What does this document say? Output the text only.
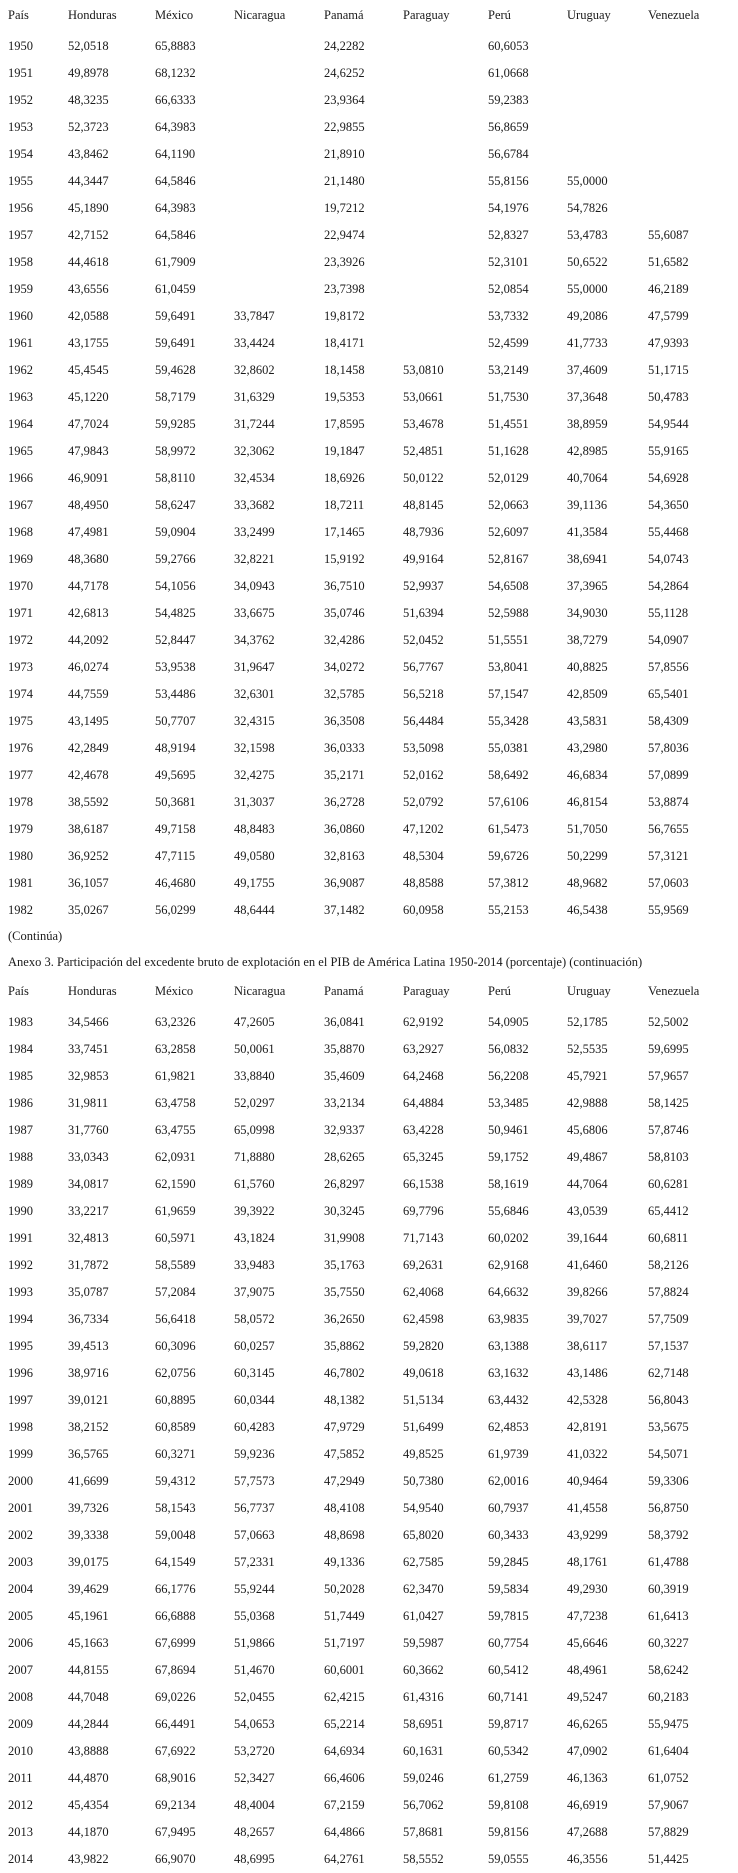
País	Honduras	México	Nicaragua	Panamá	Paraguay	Perú	Uruguay	Venezuela
1950	52,0518	65,8883		24,2282		60,6053		
1951	49,8978	68,1232		24,6252		61,0668		
1952	48,3235	66,6333		23,9364		59,2383		
1953	52,3723	64,3983		22,9855		56,8659		
1954	43,8462	64,1190		21,8910		56,6784		
1955	44,3447	64,5846		21,1480		55,8156	55,0000	
1956	45,1890	64,3983		19,7212		54,1976	54,7826	
1957	42,7152	64,5846		22,9474		52,8327	53,4783	55,6087
1958	44,4618	61,7909		23,3926		52,3101	50,6522	51,6582
1959	43,6556	61,0459		23,7398		52,0854	55,0000	46,2189
1960	42,0588	59,6491	33,7847	19,8172		53,7332	49,2086	47,5799
1961	43,1755	59,6491	33,4424	18,4171		52,4599	41,7733	47,9393
1962	45,4545	59,4628	32,8602	18,1458	53,0810	53,2149	37,4609	51,1715
1963	45,1220	58,7179	31,6329	19,5353	53,0661	51,7530	37,3648	50,4783
1964	47,7024	59,9285	31,7244	17,8595	53,4678	51,4551	38,8959	54,9544
1965	47,9843	58,9972	32,3062	19,1847	52,4851	51,1628	42,8985	55,9165
1966	46,9091	58,8110	32,4534	18,6926	50,0122	52,0129	40,7064	54,6928
1967	48,4950	58,6247	33,3682	18,7211	48,8145	52,0663	39,1136	54,3650
1968	47,4981	59,0904	33,2499	17,1465	48,7936	52,6097	41,3584	55,4468
1969	48,3680	59,2766	32,8221	15,9192	49,9164	52,8167	38,6941	54,0743
1970	44,7178	54,1056	34,0943	36,7510	52,9937	54,6508	37,3965	54,2864
1971	42,6813	54,4825	33,6675	35,0746	51,6394	52,5988	34,9030	55,1128
1972	44,2092	52,8447	34,3762	32,4286	52,0452	51,5551	38,7279	54,0907
1973	46,0274	53,9538	31,9647	34,0272	56,7767	53,8041	40,8825	57,8556
1974	44,7559	53,4486	32,6301	32,5785	56,5218	57,1547	42,8509	65,5401
1975	43,1495	50,7707	32,4315	36,3508	56,4484	55,3428	43,5831	58,4309
1976	42,2849	48,9194	32,1598	36,0333	53,5098	55,0381	43,2980	57,8036
1977	42,4678	49,5695	32,4275	35,2171	52,0162	58,6492	46,6834	57,0899
1978	38,5592	50,3681	31,3037	36,2728	52,0792	57,6106	46,8154	53,8874
1979	38,6187	49,7158	48,8483	36,0860	47,1202	61,5473	51,7050	56,7655
1980	36,9252	47,7115	49,0580	32,8163	48,5304	59,6726	50,2299	57,3121
1981	36,1057	46,4680	49,1755	36,9087	48,8588	57,3812	48,9682	57,0603
1982	35,0267	56,0299	48,6444	37,1482	60,0958	55,2153	46,5438	55,9569
(Continúa)
Anexo 3. Participación del excedente bruto de explotación en el PIB de América Latina 1950-2014 (porcentaje) (continuación)
País	Honduras	México	Nicaragua	Panamá	Paraguay	Perú	Uruguay	Venezuela
1983	34,5466	63,2326	47,2605	36,0841	62,9192	54,0905	52,1785	52,5002
1984	33,7451	63,2858	50,0061	35,8870	63,2927	56,0832	52,5535	59,6995
1985	32,9853	61,9821	33,8840	35,4609	64,2468	56,2208	45,7921	57,9657
1986	31,9811	63,4758	52,0297	33,2134	64,4884	53,3485	42,9888	58,1425
1987	31,7760	63,4755	65,0998	32,9337	63,4228	50,9461	45,6806	57,8746
1988	33,0343	62,0931	71,8880	28,6265	65,3245	59,1752	49,4867	58,8103
1989	34,0817	62,1590	61,5760	26,8297	66,1538	58,1619	44,7064	60,6281
1990	33,2217	61,9659	39,3922	30,3245	69,7796	55,6846	43,0539	65,4412
1991	32,4813	60,5971	43,1824	31,9908	71,7143	60,0202	39,1644	60,6811
1992	31,7872	58,5589	33,9483	35,1763	69,2631	62,9168	41,6460	58,2126
1993	35,0787	57,2084	37,9075	35,7550	62,4068	64,6632	39,8266	57,8824
1994	36,7334	56,6418	58,0572	36,2650	62,4598	63,9835	39,7027	57,7509
1995	39,4513	60,3096	60,0257	35,8862	59,2820	63,1388	38,6117	57,1537
1996	38,9716	62,0756	60,3145	46,7802	49,0618	63,1632	43,1486	62,7148
1997	39,0121	60,8895	60,0344	48,1382	51,5134	63,4432	42,5328	56,8043
1998	38,2152	60,8589	60,4283	47,9729	51,6499	62,4853	42,8191	53,5675
1999	36,5765	60,3271	59,9236	47,5852	49,8525	61,9739	41,0322	54,5071
2000	41,6699	59,4312	57,7573	47,2949	50,7380	62,0016	40,9464	59,3306
2001	39,7326	58,1543	56,7737	48,4108	54,9540	60,7937	41,4558	56,8750
2002	39,3338	59,0048	57,0663	48,8698	65,8020	60,3433	43,9299	58,3792
2003	39,0175	64,1549	57,2331	49,1336	62,7585	59,2845	48,1761	61,4788
2004	39,4629	66,1776	55,9244	50,2028	62,3470	59,5834	49,2930	60,3919
2005	45,1961	66,6888	55,0368	51,7449	61,0427	59,7815	47,7238	61,6413
2006	45,1663	67,6999	51,9866	51,7197	59,5987	60,7754	45,6646	60,3227
2007	44,8155	67,8694	51,4670	60,6001	60,3662	60,5412	48,4961	58,6242
2008	44,7048	69,0226	52,0455	62,4215	61,4316	60,7141	49,5247	60,2183
2009	44,2844	66,4491	54,0653	65,2214	58,6951	59,8717	46,6265	55,9475
2010	43,8888	67,6922	53,2720	64,6934	60,1631	60,5342	47,0902	61,6404
2011	44,4870	68,9016	52,3427	66,4606	59,0246	61,2759	46,1363	61,0752
2012	45,4354	69,2134	48,4004	67,2159	56,7062	59,8108	46,6919	57,9067
2013	44,1870	67,9495	48,2657	64,4866	57,8681	59,8156	47,2688	57,8829
2014	43,9822	66,9070	48,6995	64,2761	58,5552	59,0555	46,3556	51,4425
